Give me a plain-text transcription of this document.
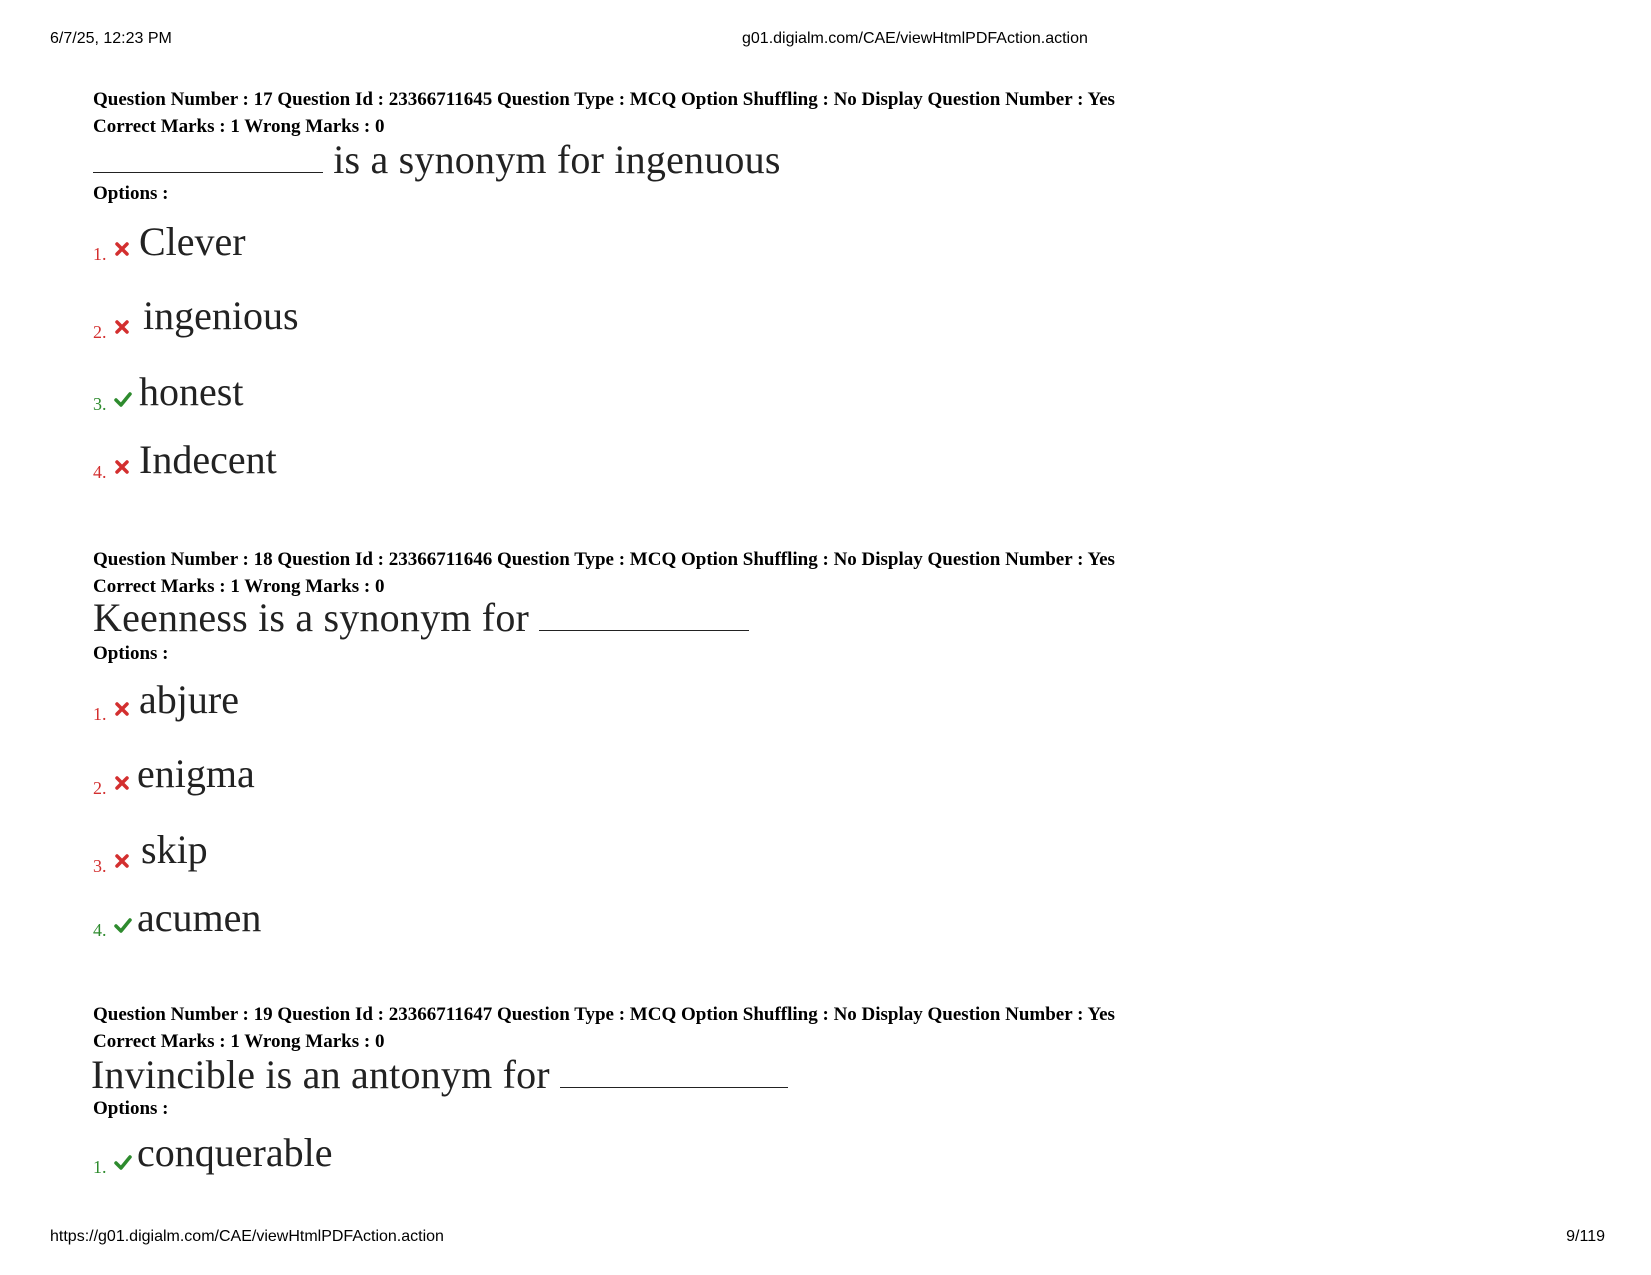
6/7/25, 12:23 PM	g01.digialm.com/CAE/viewHtmlPDFAction.action
Question Number : 17 Question Id : 23366711645 Question Type : MCQ Option Shuffling : No Display Question Number : Yes
Correct Marks : 1 Wrong Marks : 0
is a synonym for ingenuous
Options :
1. Clever
2. ingenious
3. honest
4. Indecent
Question Number : 18 Question Id : 23366711646 Question Type : MCQ Option Shuffling : No Display Question Number : Yes
Correct Marks : 1 Wrong Marks : 0
Keenness is a synonym for
Options :
1. abjure
2. enigma
3. skip
4. acumen
Question Number : 19 Question Id : 23366711647 Question Type : MCQ Option Shuffling : No Display Question Number : Yes
Correct Marks : 1 Wrong Marks : 0
Invincible is an antonym for
Options :
1. conquerable
https://g01.digialm.com/CAE/viewHtmlPDFAction.action	9/119
